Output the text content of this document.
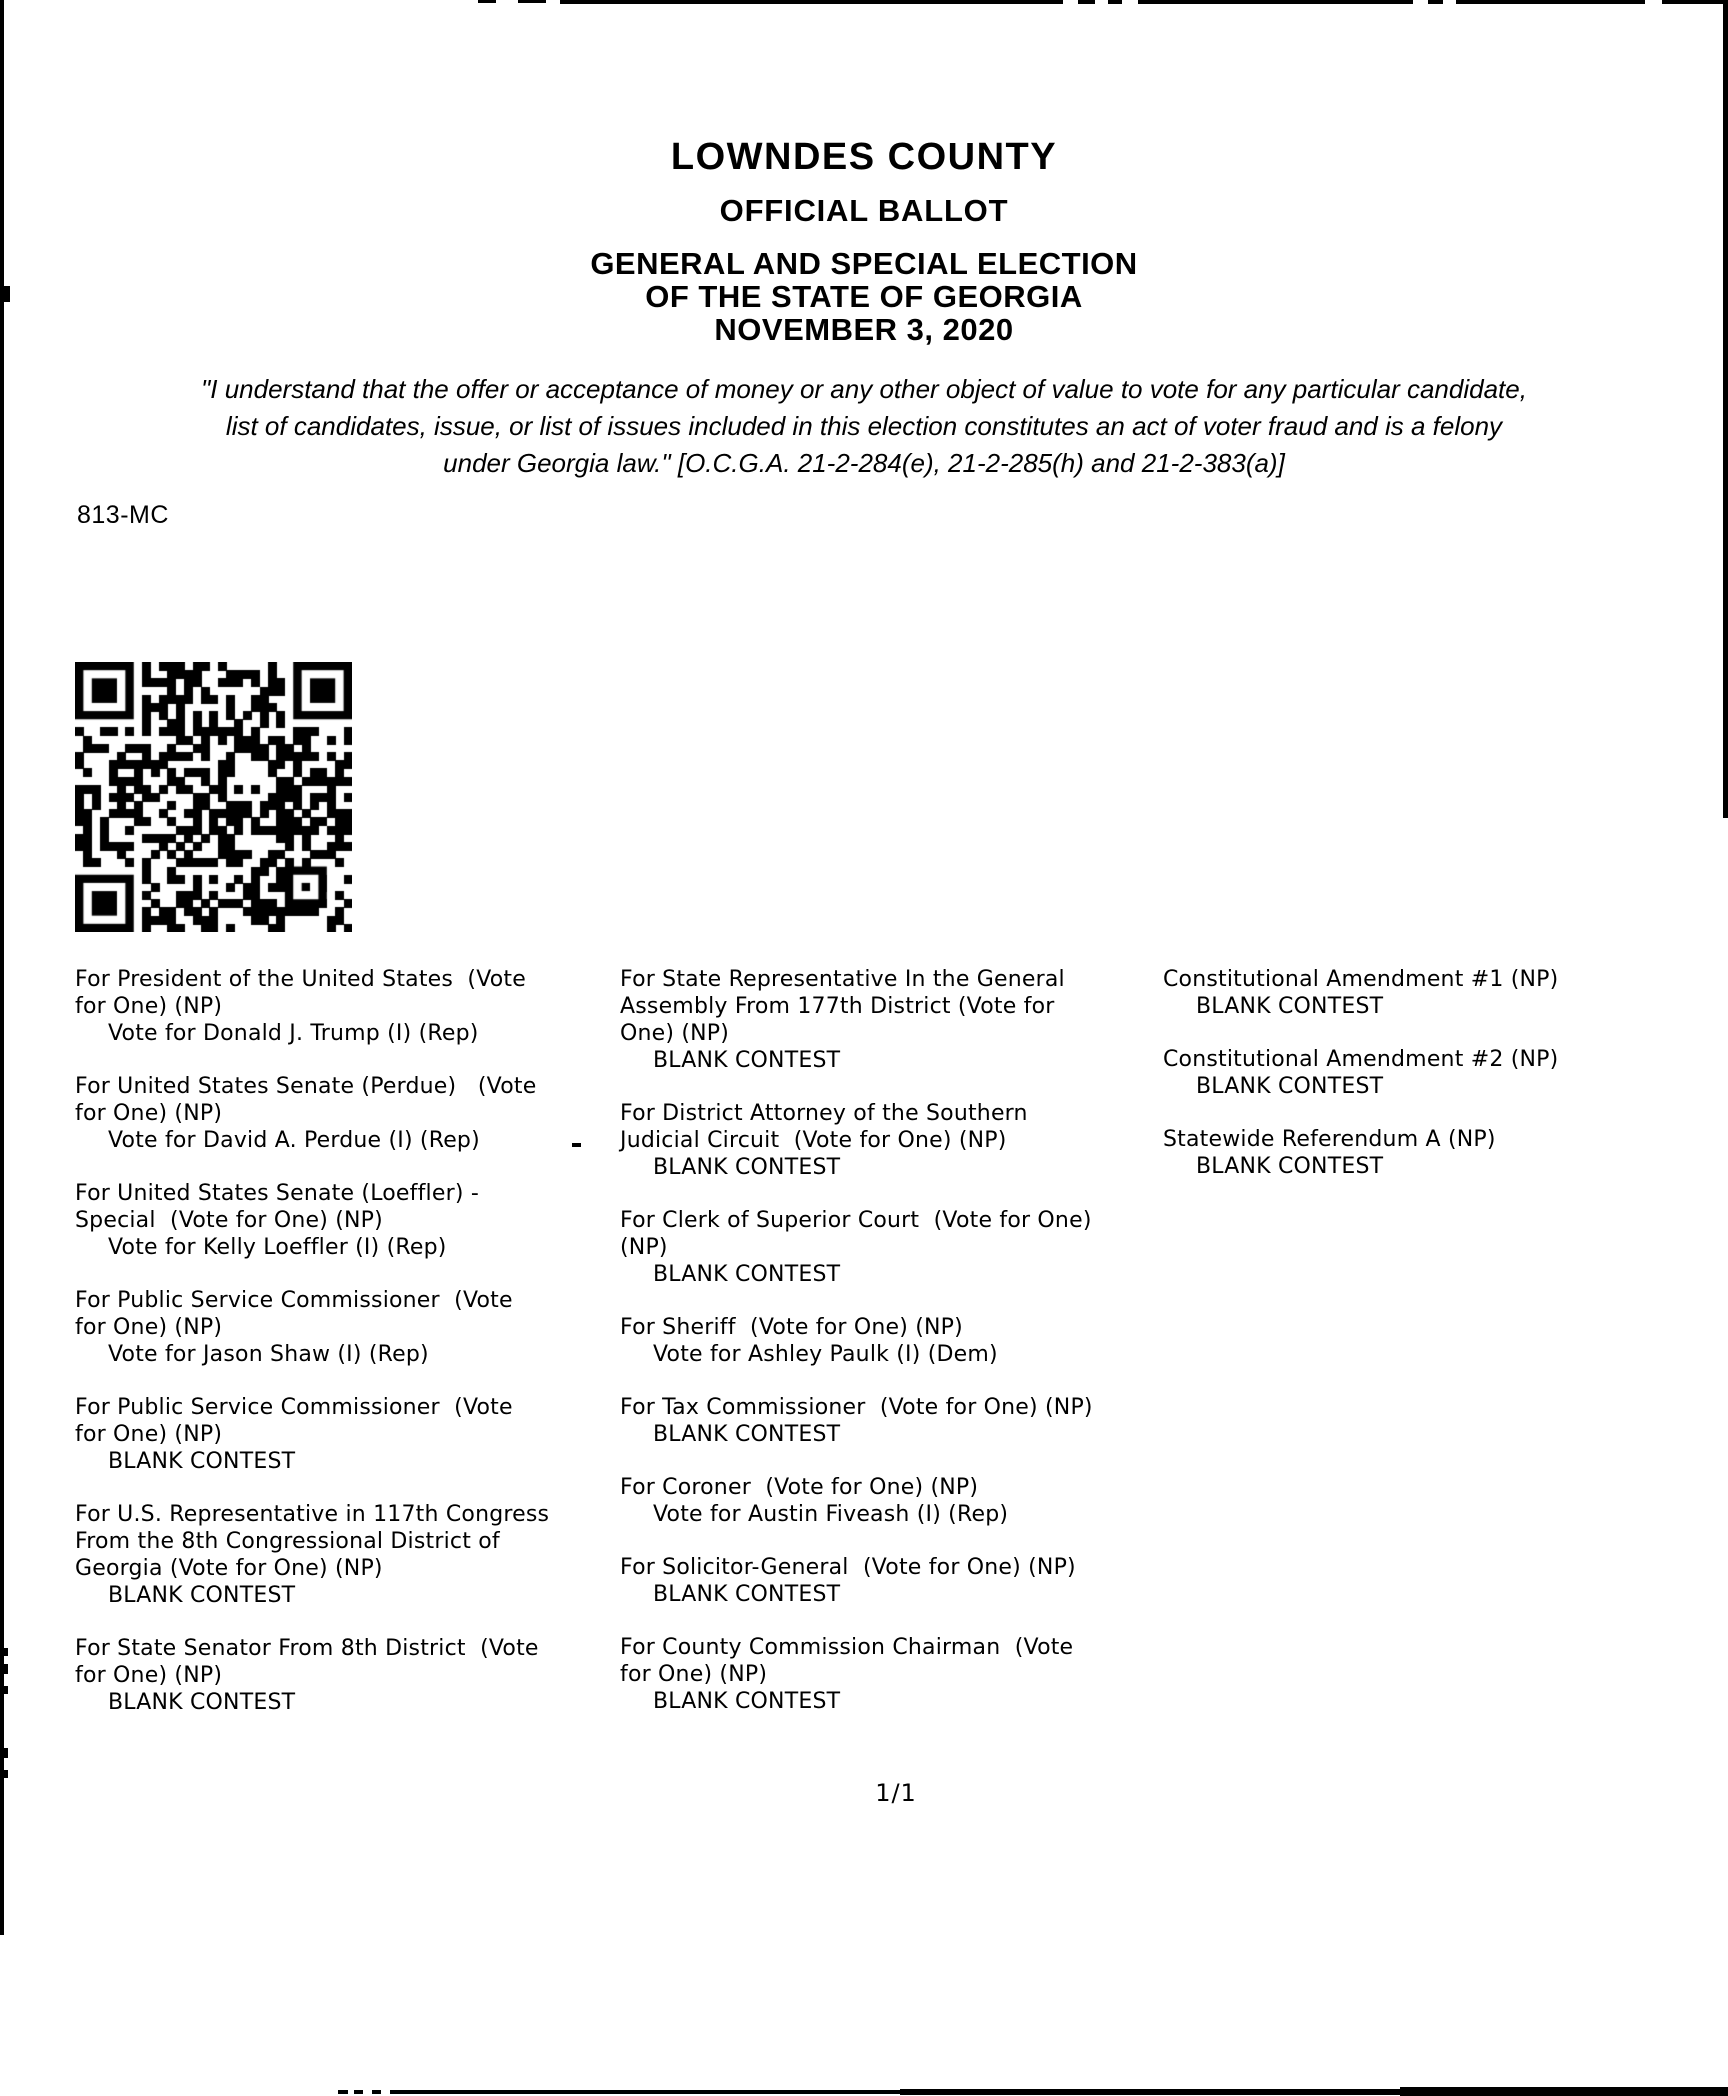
LOWNDES COUNTY
OFFICIAL BALLOT
GENERAL AND SPECIAL ELECTION
OF THE STATE OF GEORGIA
NOVEMBER 3, 2020
"I understand that the offer or acceptance of money or any other object of value to vote for any particular candidate,
list of candidates, issue, or list of issues included in this election constitutes an act of voter fraud and is a felony
under Georgia law." [O.C.G.A. 21-2-284(e), 21-2-285(h) and 21-2-383(a)]
813-MC
For President of the United States  (Vote
for One) (NP)
Vote for Donald J. Trump (I) (Rep)
For United States Senate (Perdue)   (Vote
for One) (NP)
Vote for David A. Perdue (I) (Rep)
For United States Senate (Loeffler) -
Special  (Vote for One) (NP)
Vote for Kelly Loeffler (I) (Rep)
For Public Service Commissioner  (Vote
for One) (NP)
Vote for Jason Shaw (I) (Rep)
For Public Service Commissioner  (Vote
for One) (NP)
BLANK CONTEST
For U.S. Representative in 117th Congress
From the 8th Congressional District of
Georgia (Vote for One) (NP)
BLANK CONTEST
For State Senator From 8th District  (Vote
for One) (NP)
BLANK CONTEST
For State Representative In the General
Assembly From 177th District (Vote for
One) (NP)
BLANK CONTEST
For District Attorney of the Southern
Judicial Circuit  (Vote for One) (NP)
BLANK CONTEST
For Clerk of Superior Court  (Vote for One)
(NP)
BLANK CONTEST
For Sheriff  (Vote for One) (NP)
Vote for Ashley Paulk (I) (Dem)
For Tax Commissioner  (Vote for One) (NP)
BLANK CONTEST
For Coroner  (Vote for One) (NP)
Vote for Austin Fiveash (I) (Rep)
For Solicitor-General  (Vote for One) (NP)
BLANK CONTEST
For County Commission Chairman  (Vote
for One) (NP)
BLANK CONTEST
Constitutional Amendment #1 (NP)
BLANK CONTEST
Constitutional Amendment #2 (NP)
BLANK CONTEST
Statewide Referendum A (NP)
BLANK CONTEST
1/1
